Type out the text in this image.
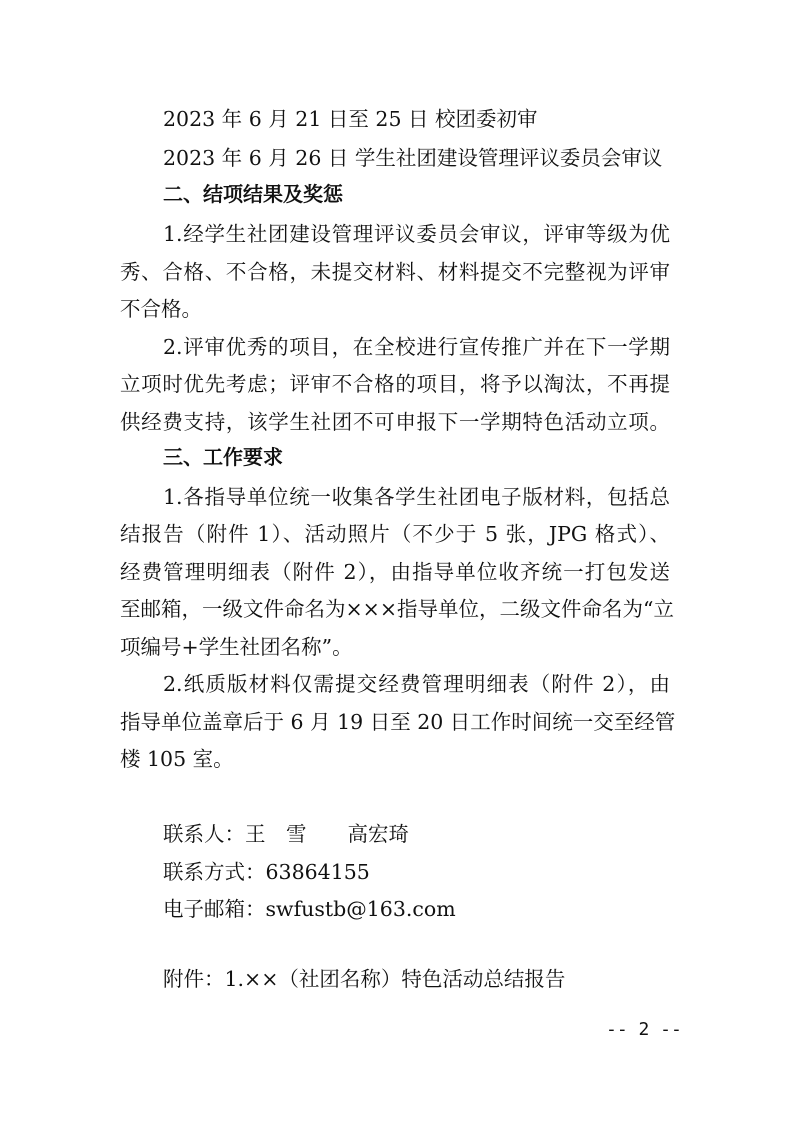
2023 年 6 月 21 日至 25 日 校团委初审
2023 年 6 月 26 日 学生社团建设管理评议委员会审议
二、结项结果及奖惩
1.经学生社团建设管理评议委员会审议，评审等级为优
秀、合格、不合格，未提交材料、材料提交不完整视为评审
不合格。
2.评审优秀的项目，在全校进行宣传推广并在下一学期
立项时优先考虑；评审不合格的项目，将予以淘汰，不再提
供经费支持，该学生社团不可申报下一学期特色活动立项。
三、工作要求
1.各指导单位统一收集各学生社团电子版材料，包括总
结报告（附件 1）、活动照片（不少于 5 张，JPG 格式）、
经费管理明细表（附件 2），由指导单位收齐统一打包发送
至邮箱，一级文件命名为×××指导单位，二级文件命名为“立
项编号+学生社团名称”。
2.纸质版材料仅需提交经费管理明细表（附件 2），由
指导单位盖章后于 6 月 19 日至 20 日工作时间统一交至经管
楼 105 室。
联系人：王　雪　　高宏琦
联系方式：63864155
电子邮箱：swfustb@163.com
附件：1.××（社团名称）特色活动总结报告
-- 2 --
